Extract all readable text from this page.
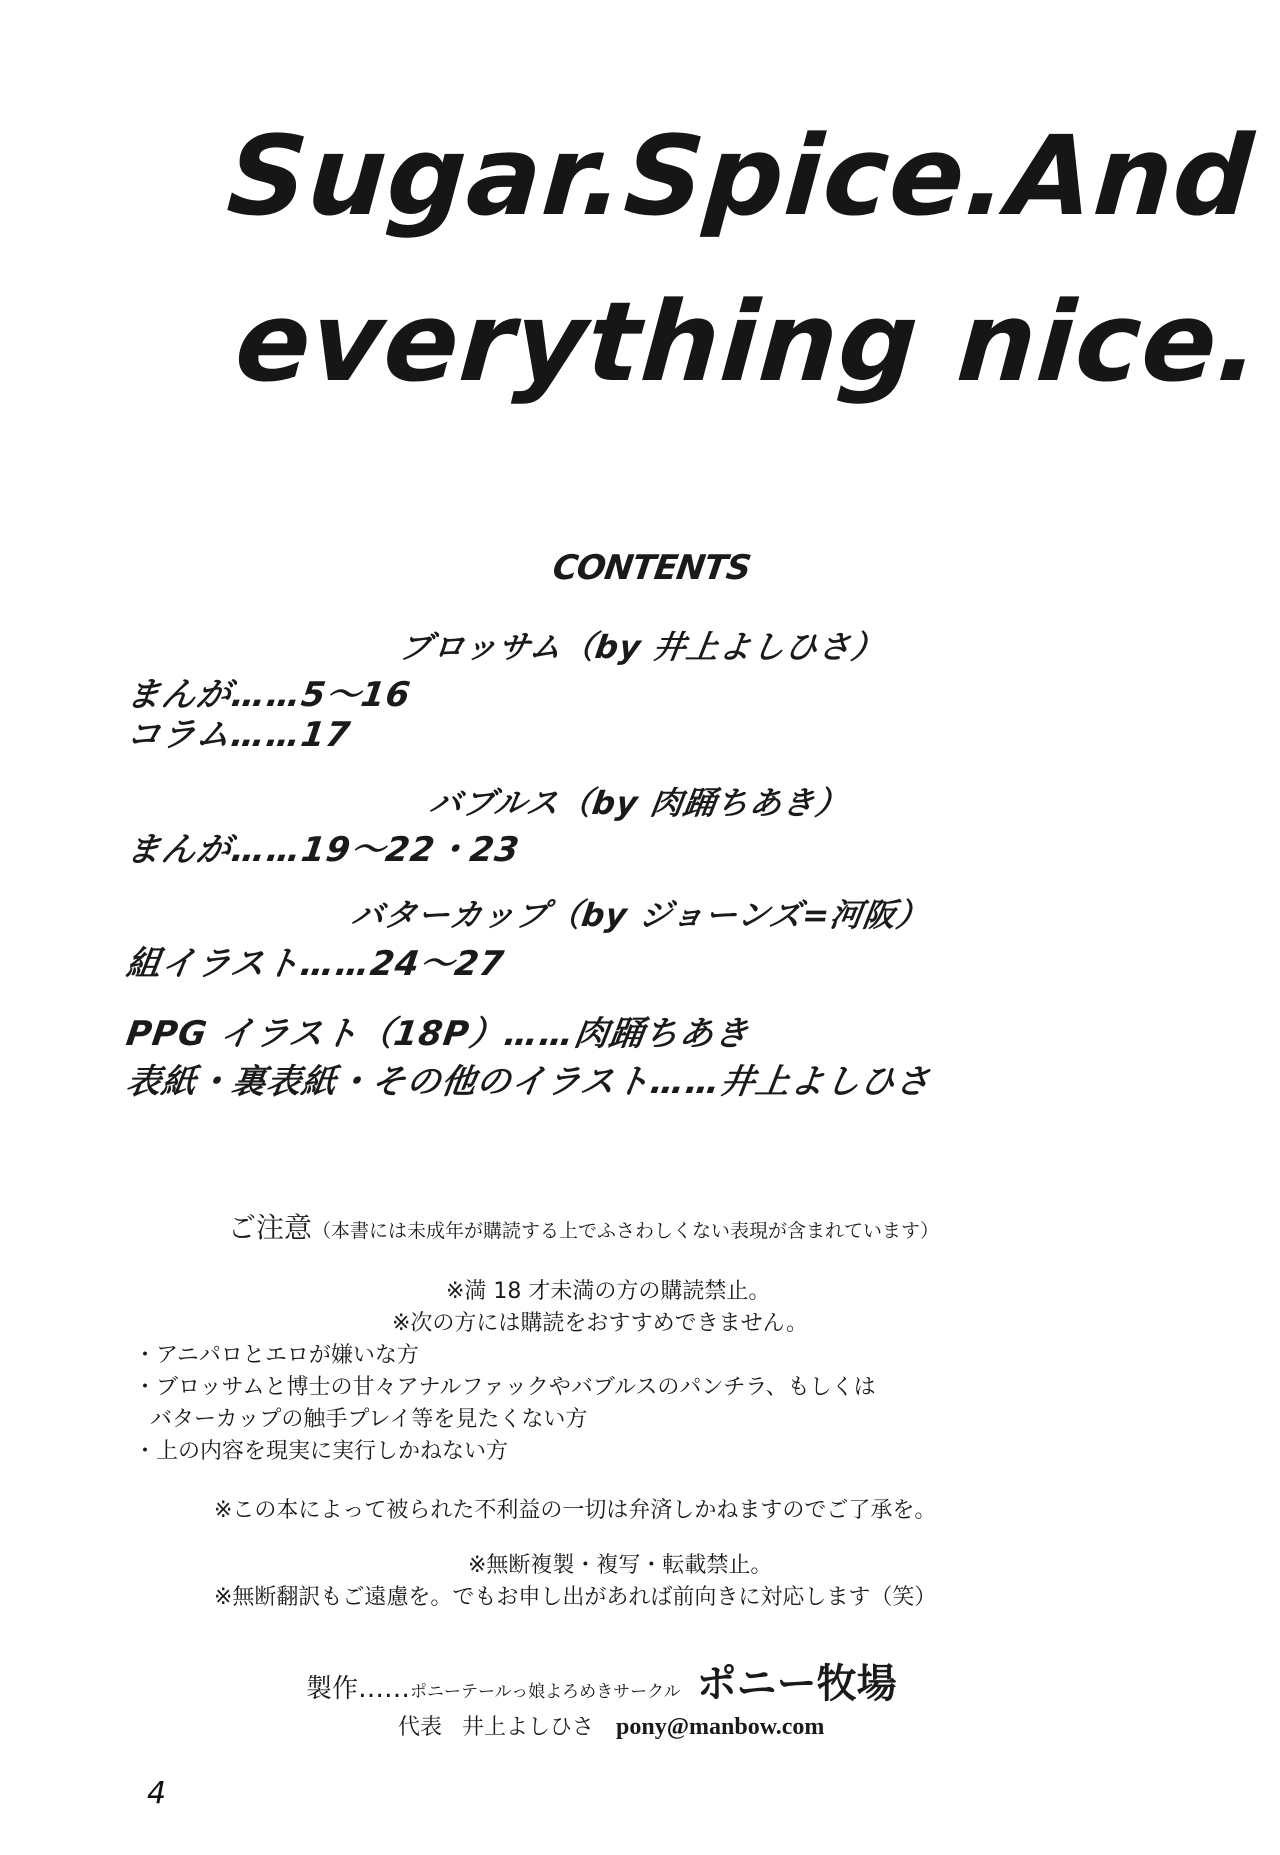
Sugar.Spice.And
everything nice.
CONTENTS
ブロッサム（by 井上よしひさ）
まんが……5～16
コラム……17
バブルス（by 肉踊ちあき）
まんが……19～22・23
バターカップ（by ジョーンズ=河阪）
組イラスト……24～27
PPG イラスト（18P）……肉踊ちあき
表紙・裏表紙・その他のイラスト……井上よしひさ
ご注意（本書には未成年が購読する上でふさわしくない表現が含まれています）
※満 18 才未満の方の購読禁止。
※次の方には購読をおすすめできません。
・アニパロとエロが嫌いな方
・ブロッサムと博士の甘々アナルファックやバブルスのパンチラ、もしくは
バターカップの触手プレイ等を見たくない方
・上の内容を現実に実行しかねない方
※この本によって被られた不利益の一切は弁済しかねますのでご了承を。
※無断複製・複写・転載禁止。
※無断翻訳もご遠慮を。でもお申し出があれば前向きに対応します（笑）
製作……ポニーテールっ娘よろめきサークル ポニー牧場
代表 井上よしひさ pony@manbow.com
4
